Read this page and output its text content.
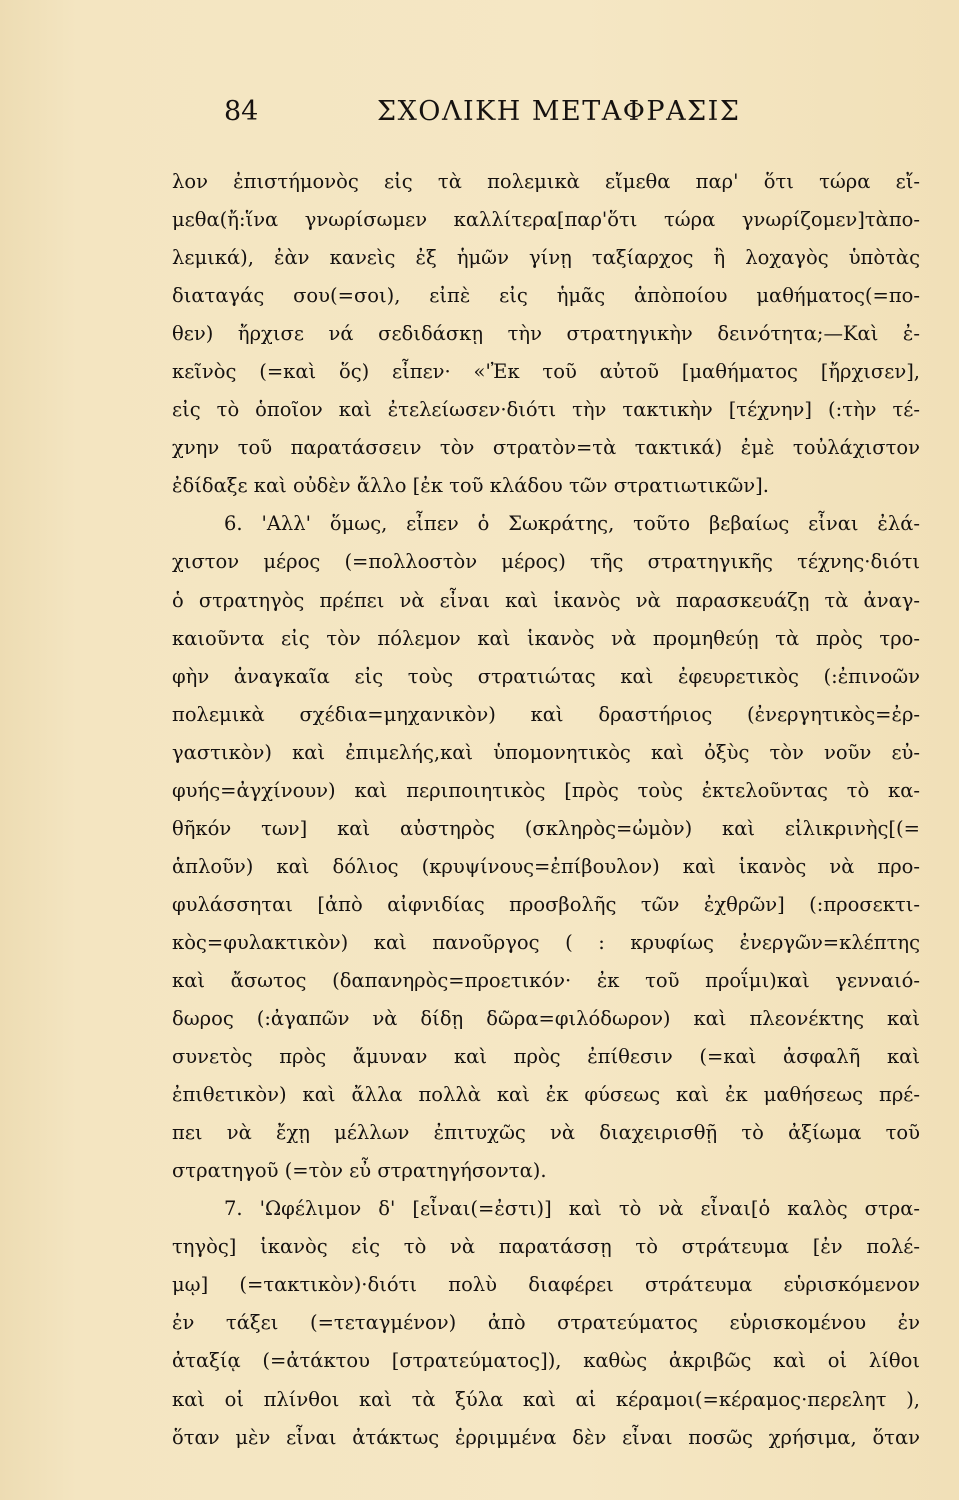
84	ΣΧΟΛΙΚΗ ΜΕΤΑΦΡΑΣΙΣ
λον ἐπιστήμονὸς εἰς τὰ πολεμικὰ εἴμεθα παρ' ὅτι τώρα εἴ-
μεθα(ἤ:ἵνα γνωρίσωμεν καλλίτερα[παρ'ὅτι τώρα γνωρίζομεν]τὰπο-
λεμικά), ἐὰν κανεὶς ἐξ ἡμῶν γίνῃ ταξίαρχος ἢ λοχαγὸς ὑπὸτὰς
διαταγάς σου(=σοι), εἰπὲ εἰς ἡμᾶς ἀπὸποίου μαθήματος(=πο-
θεν) ἤρχισε νά σεδιδάσκῃ τὴν στρατηγικὴν δεινότητα;—Καὶ ἐ-
κεῖνὸς (=καὶ ὅς) εἶπεν· «'Ἐκ τοῦ αὐτοῦ [μαθήματος [ἤρχισεν],
εἰς τὸ ὁποῖον καὶ ἐτελείωσεν·διότι τὴν τακτικὴν [τέχνην] (:τὴν τέ-
χνην τοῦ παρατάσσειν τὸν στρατὸν=τὰ τακτικά) ἐμὲ τοὐλάχιστον
ἐδίδαξε καὶ οὐδὲν ἄλλο [ἐκ τοῦ κλάδου τῶν στρατιωτικῶν].
6. 'Αλλ' ὅμως, εἶπεν ὁ Σωκράτης, τοῦτο βεβαίως εἶναι ἐλά-
χιστον μέρος (=πολλοστὸν μέρος) τῆς στρατηγικῆς τέχνης·διότι
ὁ στρατηγὸς πρέπει νὰ εἶναι καὶ ἱκανὸς νὰ παρασκευάζῃ τὰ ἀναγ-
καιοῦντα εἰς τὸν πόλεμον καὶ ἱκανὸς νὰ προμηθεύῃ τὰ πρὸς τρο-
φὴν ἀναγκαῖα εἰς τοὺς στρατιώτας καὶ ἐφευρετικὸς (:ἐπινοῶν
πολεμικὰ σχέδια=μηχανικὸν) καὶ δραστήριος (ἐνεργητικὸς=ἐρ-
γαστικὸν) καὶ ἐπιμελής,καὶ ὑπομονητικὸς καὶ ὀξὺς τὸν νοῦν εὐ-
φυής=ἀγχίνουν) καὶ περιποιητικὸς [πρὸς τοὺς ἐκτελοῦντας τὸ κα-
θῆκόν των] καὶ αὐστηρὸς (σκληρὸς=ὠμὸν) καὶ εἰλικρινὴς[(=
ἁπλοῦν) καὶ δόλιος (κρυψίνους=ἐπίβουλον) καὶ ἱκανὸς νὰ προ-
φυλάσσηται [ἀπὸ αἰφνιδίας προσβολῆς τῶν ἐχθρῶν] (:προσεκτι-
κὸς=φυλακτικὸν) καὶ πανοῦργος ( : κρυφίως ἐνεργῶν=κλέπτης
καὶ ἄσωτος (δαπανηρὸς=προετικόν· ἐκ τοῦ προΐμι)καὶ γενναιό-
δωρος (:ἀγαπῶν νὰ δίδῃ δῶρα=φιλόδωρον) καὶ πλεονέκτης καὶ
συνετὸς πρὸς ἄμυναν καὶ πρὸς ἐπίθεσιν (=καὶ ἀσφαλῆ καὶ
ἐπιθετικὸν) καὶ ἄλλα πολλὰ καὶ ἐκ φύσεως καὶ ἐκ μαθήσεως πρέ-
πει νὰ ἔχῃ μέλλων ἐπιτυχῶς νὰ διαχειρισθῇ τὸ ἀξίωμα τοῦ
στρατηγοῦ (=τὸν εὖ στρατηγήσοντα).
7. 'Ωφέλιμον δ' [εἶναι(=ἐστι)] καὶ τὸ νὰ εἶναι[ὁ καλὸς στρα-
τηγὸς] ἱκανὸς εἰς τὸ νὰ παρατάσσῃ τὸ στράτευμα [ἐν πολέ-
μῳ] (=τακτικὸν)·διότι πολὺ διαφέρει στράτευμα εὑρισκόμενον
ἐν τάξει (=τεταγμένον) ἀπὸ στρατεύματος εὑρισκομένου ἐν
ἀταξίᾳ (=ἀτάκτου [στρατεύματος]), καθὼς ἀκριβῶς καὶ οἱ λίθοι
καὶ οἱ πλίνθοι καὶ τὰ ξύλα καὶ αἱ κέραμοι(=κέραμος·περελητ ),
ὅταν μὲν εἶναι ἀτάκτως ἐρριμμένα δὲν εἶναι ποσῶς χρήσιμα, ὅταν
